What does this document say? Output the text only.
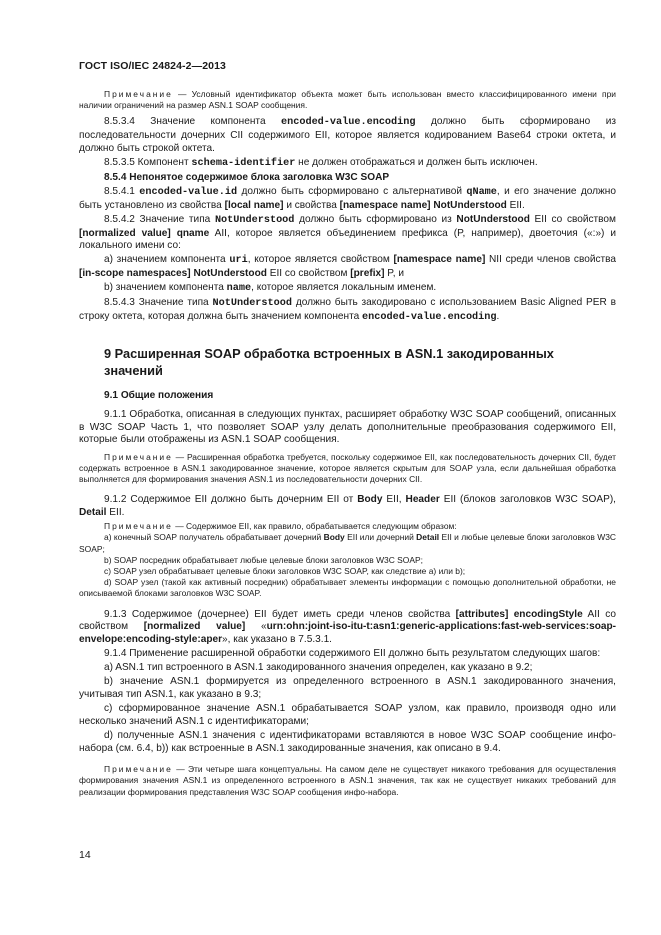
ГОСТ ISO/IEC 24824-2—2013

Примечание — Условный идентификатор объекта может быть использован вместо классифицированного имени при наличии ограничений на размер ASN.1 SOAP сообщения.

8.5.3.4 Значение компонента encoded-value.encoding должно быть сформировано из последовательности дочерних CII содержимого EII, которое является кодированием Base64 строки октета, и должно быть строкой октета.

8.5.3.5 Компонент schema-identifier не должен отображаться и должен быть исключен.

8.5.4 Непонятое содержимое блока заголовка W3C SOAP

8.5.4.1 encoded-value.id должно быть сформировано с альтернативой qName, и его значение должно быть установлено из свойства [local name] и свойства [namespace name] NotUnderstood EII.

8.5.4.2 Значение типа NotUnderstood должно быть сформировано из NotUnderstood EII со свойством [normalized value] qname AII, которое является объединением префикса (P, например), двоеточия («:») и локального имени со:

a) значением компонента uri, которое является свойством [namespace name] NII среди членов свойства [in-scope namespaces] NotUnderstood EII со свойством [prefix] P, и

b) значением компонента name, которое является локальным именем.

8.5.4.3 Значение типа NotUnderstood должно быть закодировано с использованием Basic Aligned PER в строку октета, которая должна быть значением компонента encoded-value.encoding.

9 Расширенная SOAP обработка встроенных в ASN.1 закодированных значений

9.1 Общие положения

9.1.1 Обработка, описанная в следующих пунктах, расширяет обработку W3C SOAP сообщений, описанных в W3C SOAP Часть 1, что позволяет SOAP узлу делать дополнительные преобразования содержимого EII, которые были отображены из ASN.1 SOAP сообщения.

Примечание — Расширенная обработка требуется, поскольку содержимое EII, как последовательность дочерних CII, будет содержать встроенное в ASN.1 закодированное значение, которое является скрытым для SOAP узла, если дальнейшая обработка выполняется для формирования значения ASN.1 из последовательности дочерних CII.

9.1.2 Содержимое EII должно быть дочерним EII от Body EII, Header EII (блоков заголовков W3C SOAP), Detail EII.

Примечание — Содержимое EII, как правило, обрабатывается следующим образом:

a) конечный SOAP получатель обрабатывает дочерний Body EII или дочерний Detail EII и любые целевые блоки заголовков W3C SOAP;

b) SOAP посредник обрабатывает любые целевые блоки заголовков W3C SOAP;

c) SOAP узел обрабатывает целевые блоки заголовков W3C SOAP, как следствие a) или b);

d) SOAP узел (такой как активный посредник) обрабатывает элементы информации с помощью дополнительной обработки, не описываемой блоками заголовков W3C SOAP.

9.1.3 Содержимое (дочернее) EII будет иметь среди членов свойства [attributes] encodingStyle AII со свойством [normalized value] «urn:ohn:joint-iso-itu-t:asn1:generic-applications:fast-web-services:soap-envelope:encoding-style:aper», как указано в 7.5.3.1.

9.1.4 Применение расширенной обработки содержимого EII должно быть результатом следующих шагов:

a) ASN.1 тип встроенного в ASN.1 закодированного значения определен, как указано в 9.2;

b) значение ASN.1 формируется из определенного встроенного в ASN.1 закодированного значения, учитывая тип ASN.1, как указано в 9.3;

c) сформированное значение ASN.1 обрабатывается SOAP узлом, как правило, производя одно или несколько значений ASN.1 с идентификаторами;

d) полученные ASN.1 значения c идентификаторами вставляются в новое W3C SOAP сообщение инфо-набора (см. 6.4, b)) как встроенные в ASN.1 закодированные значения, как описано в 9.4.

Примечание — Эти четыре шага концептуальны. На самом деле не существует никакого требования для осуществления формирования значения ASN.1 из определенного встроенного в ASN.1 значения, так как не существует никаких требований для реализации формирования представления W3C SOAP сообщения инфо-набора.

14
